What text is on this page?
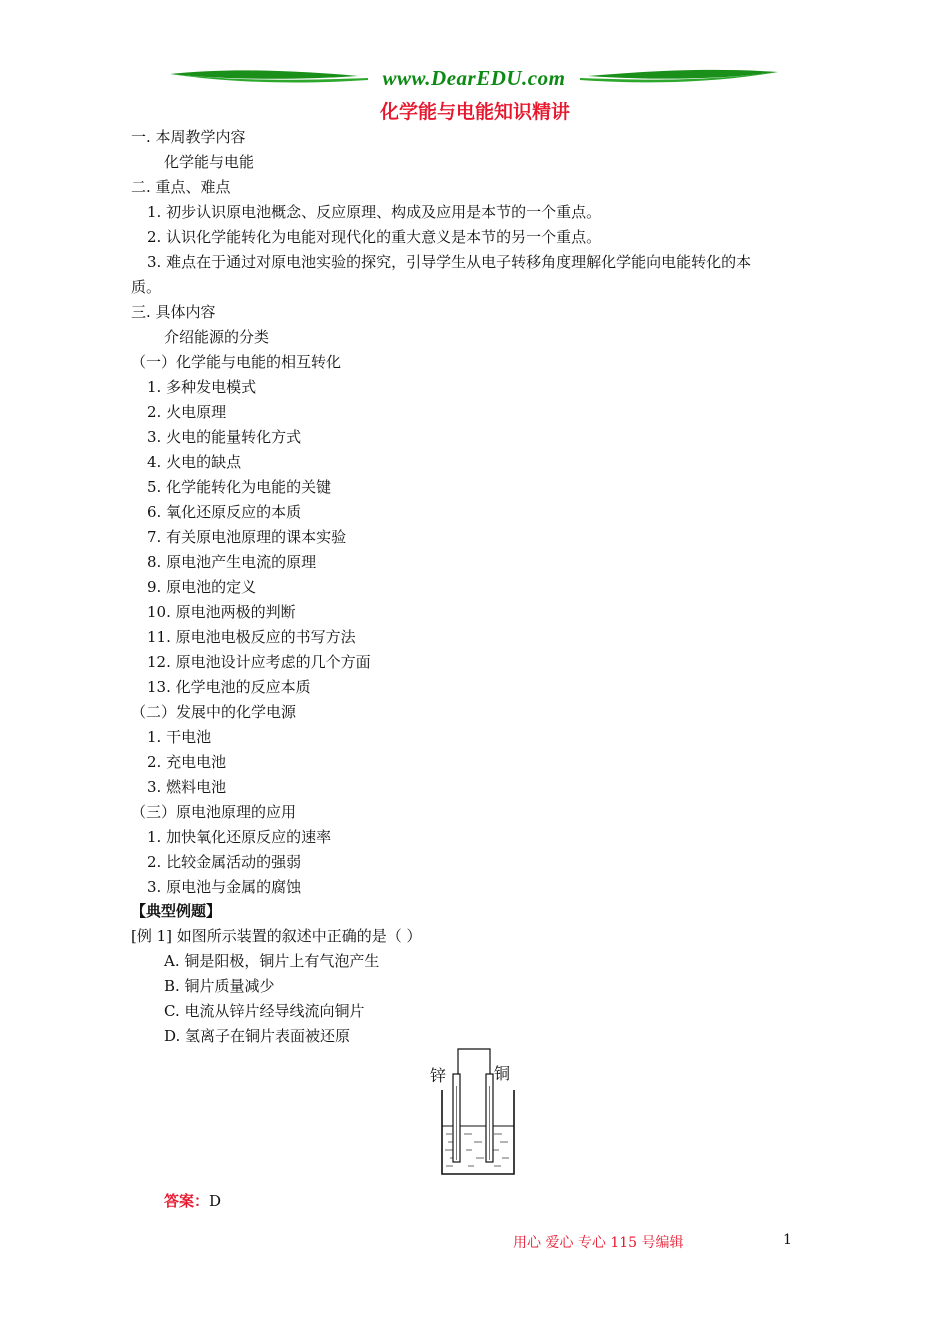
www.DearEDU.com
化学能与电能知识精讲
一. 本周教学内容
化学能与电能
二. 重点、难点
1. 初步认识原电池概念、反应原理、构成及应用是本节的一个重点。
2. 认识化学能转化为电能对现代化的重大意义是本节的另一个重点。
3. 难点在于通过对原电池实验的探究，引导学生从电子转移角度理解化学能向电能转化的本
质。
三. 具体内容
介绍能源的分类
（一）化学能与电能的相互转化
1. 多种发电模式
2. 火电原理
3. 火电的能量转化方式
4. 火电的缺点
5. 化学能转化为电能的关键
6. 氧化还原反应的本质
7. 有关原电池原理的课本实验
8. 原电池产生电流的原理
9. 原电池的定义
10. 原电池两极的判断
11. 原电池电极反应的书写方法
12. 原电池设计应考虑的几个方面
13. 化学电池的反应本质
（二）发展中的化学电源
1. 干电池
2. 充电电池
3. 燃料电池
（三）原电池原理的应用
1. 加快氧化还原反应的速率
2. 比较金属活动的强弱
3. 原电池与金属的腐蚀
【典型例题】
[例 1] 如图所示装置的叙述中正确的是（ ）
A. 铜是阳极，铜片上有气泡产生
B. 铜片质量减少
C. 电流从锌片经导线流向铜片
D. 氢离子在铜片表面被还原
锌	铜
答案：D
用心 爱心 专心 115 号编辑	1
